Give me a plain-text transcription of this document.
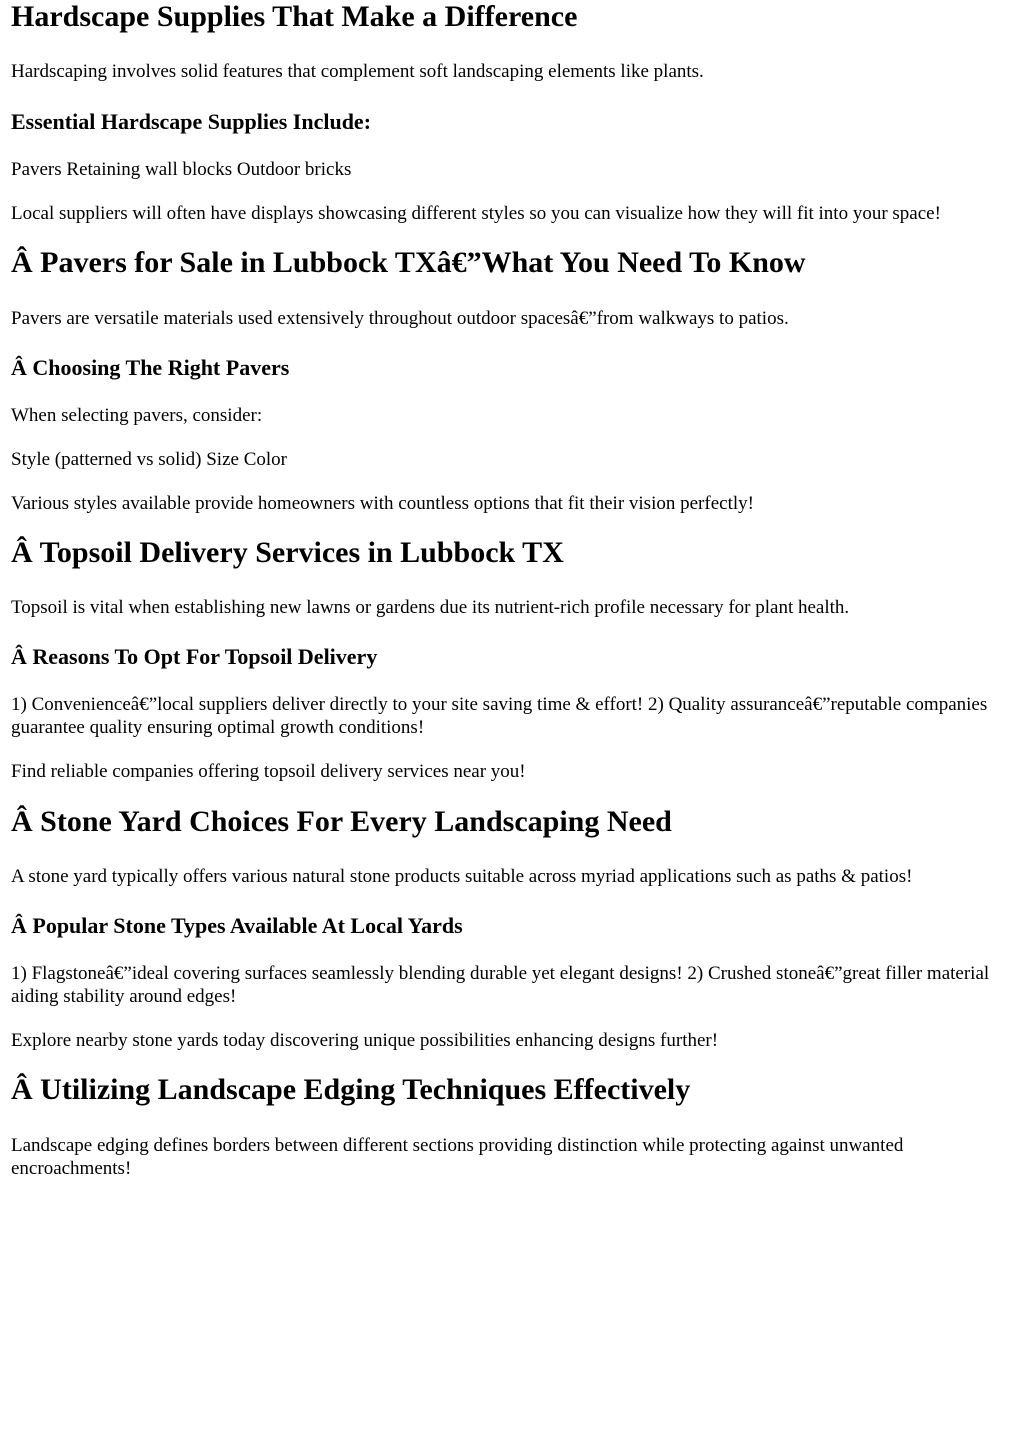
Hardscape Supplies That Make a Difference

Hardscaping involves solid features that complement soft landscaping elements like plants.

Essential Hardscape Supplies Include:

Pavers Retaining wall blocks Outdoor bricks

Local suppliers will often have displays showcasing different styles so you can visualize how they will fit into your space!

Â Pavers for Sale in Lubbock TXâ€”What You Need To Know

Pavers are versatile materials used extensively throughout outdoor spacesâ€”from walkways to patios.

Â Choosing The Right Pavers

When selecting pavers, consider:

Style (patterned vs solid) Size Color

Various styles available provide homeowners with countless options that fit their vision perfectly!

Â Topsoil Delivery Services in Lubbock TX

Topsoil is vital when establishing new lawns or gardens due its nutrient-rich profile necessary for plant health.

Â Reasons To Opt For Topsoil Delivery

1) Convenienceâ€”local suppliers deliver directly to your site saving time & effort! 2) Quality assuranceâ€”reputable companies guarantee quality ensuring optimal growth conditions!

Find reliable companies offering topsoil delivery services near you!

Â Stone Yard Choices For Every Landscaping Need

A stone yard typically offers various natural stone products suitable across myriad applications such as paths & patios!

Â Popular Stone Types Available At Local Yards

1) Flagstoneâ€”ideal covering surfaces seamlessly blending durable yet elegant designs! 2) Crushed stoneâ€”great filler material aiding stability around edges!

Explore nearby stone yards today discovering unique possibilities enhancing designs further!

Â Utilizing Landscape Edging Techniques Effectively

Landscape edging defines borders between different sections providing distinction while protecting against unwanted encroachments!
